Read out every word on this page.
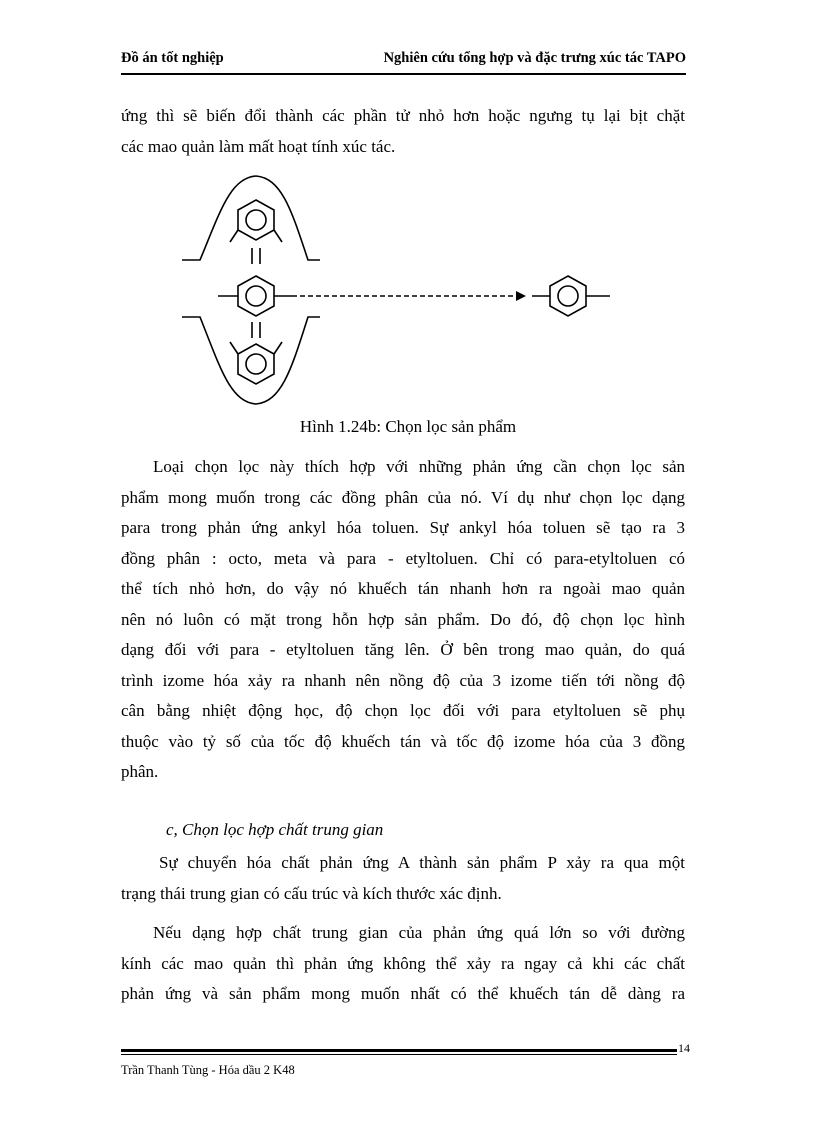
Đồ án tốt nghiệp	Nghiên cứu tổng hợp và đặc trưng xúc tác TAPO
ứng thì sẽ biến đổi thành các phần tử nhỏ hơn hoặc ngưng tụ lại bịt chặt
các mao quản làm mất hoạt tính xúc tác.
Hình 1.24b: Chọn lọc sản phẩm
Loại chọn lọc này thích hợp với những phản ứng cần chọn lọc sản
phẩm mong muốn trong các đồng phân của nó. Ví dụ như chọn lọc dạng
para trong phản ứng ankyl hóa toluen. Sự ankyl hóa toluen sẽ tạo ra 3
đồng phân : octo, meta và para - etyltoluen. Chỉ có para-etyltoluen có
thể tích nhỏ hơn, do vậy nó khuếch tán nhanh hơn ra ngoài mao quản
nên nó luôn có mặt trong hỗn hợp sản phẩm. Do đó, độ chọn lọc hình
dạng đối với para - etyltoluen tăng lên. Ở bên trong mao quản, do quá
trình izome hóa xảy ra nhanh nên nồng độ của 3 izome tiến tới nồng độ
cân bằng nhiệt động học, độ chọn lọc đối với para etyltoluen sẽ phụ
thuộc vào tỷ số của tốc độ khuếch tán và tốc độ izome hóa của 3 đồng
phân.
c, Chọn lọc hợp chất trung gian
Sự chuyển hóa chất phản ứng A thành sản phẩm P xảy ra qua một
trạng thái trung gian có cấu trúc và kích thước xác định.
Nếu dạng hợp chất trung gian của phản ứng quá lớn so với đường
kính các mao quản thì phản ứng không thể xảy ra ngay cả khi các chất
phản ứng và sản phẩm mong muốn nhất có thể khuếch tán dễ dàng ra
14
Trần Thanh Tùng - Hóa dầu 2 K48
